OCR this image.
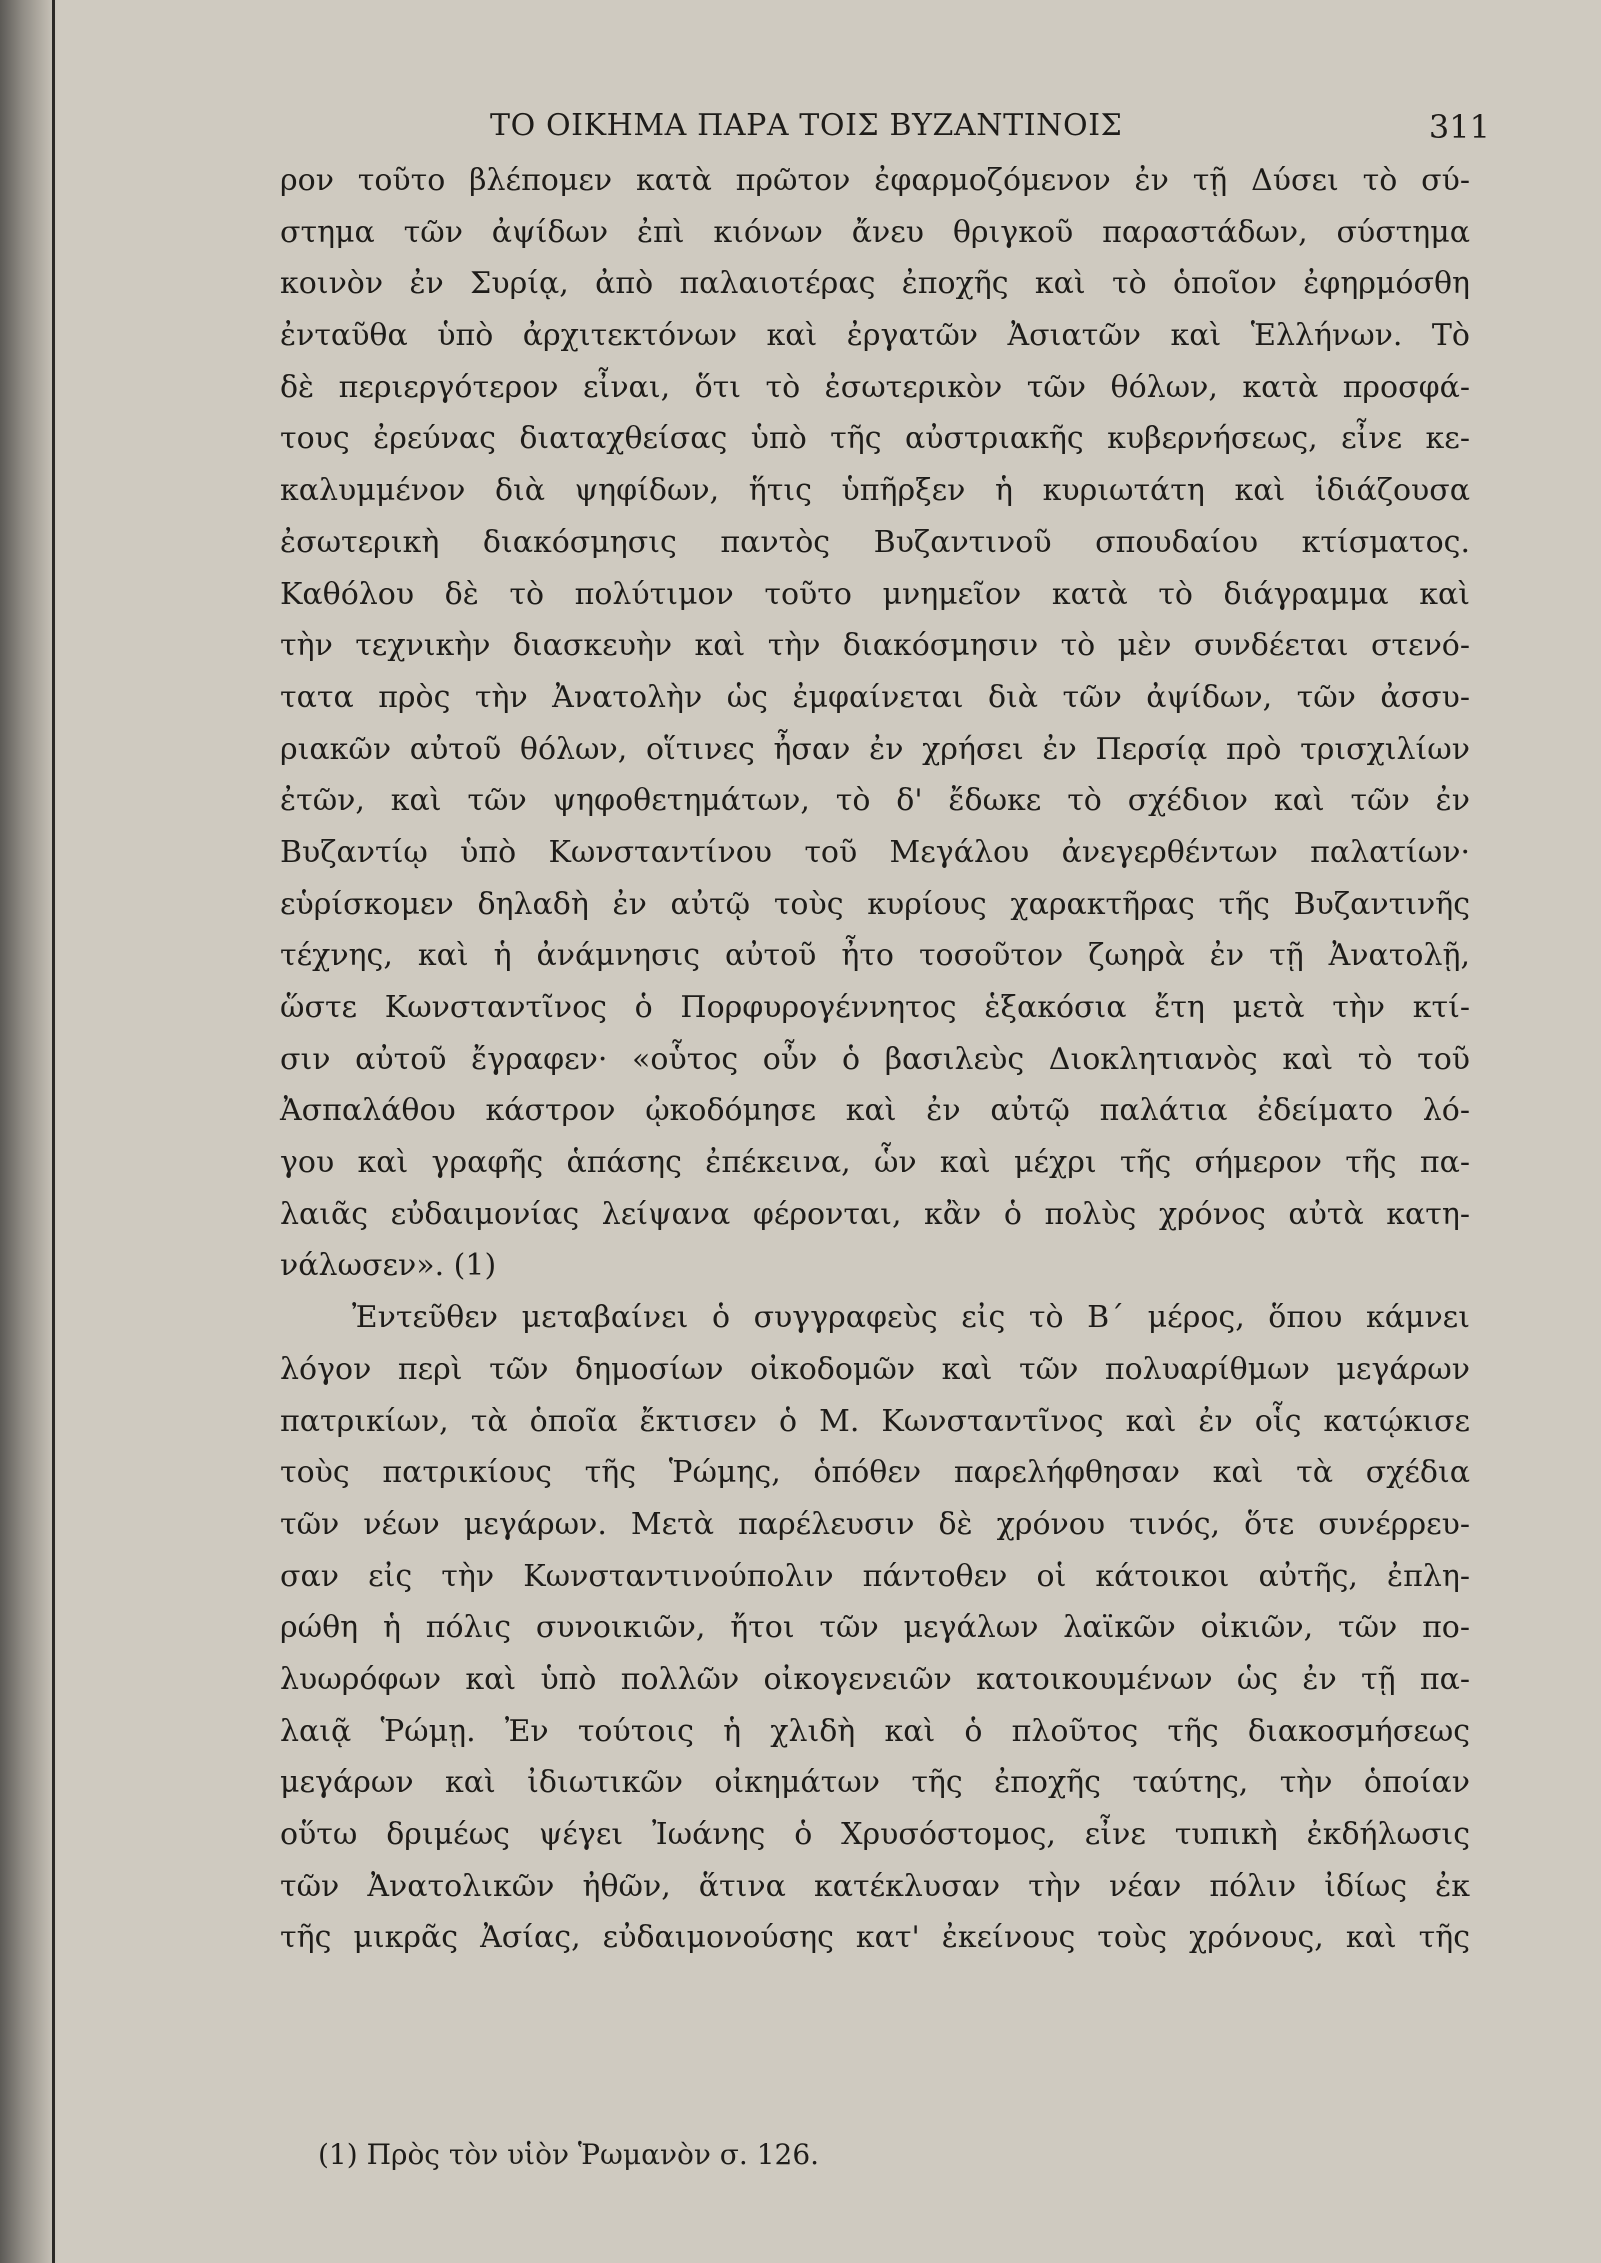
ΤΟ ΟΙΚΗΜΑ ΠΑΡΑ ΤΟΙΣ ΒΥΖΑΝΤΙΝΟΙΣ	311
ρον τοῦτο βλέπομεν κατὰ πρῶτον ἐφαρμοζόμενον ἐν τῇ Δύσει τὸ σύ-
στημα τῶν ἀψίδων ἐπὶ κιόνων ἄνευ θριγκοῦ παραστάδων, σύστημα
κοινὸν ἐν Συρίᾳ, ἀπὸ παλαιοτέρας ἐποχῆς καὶ τὸ ὁποῖον ἐφηρμόσθη
ἐνταῦθα ὑπὸ ἀρχιτεκτόνων καὶ ἐργατῶν Ἀσιατῶν καὶ Ἑλλήνων. Τὸ
δὲ περιεργότερον εἶναι, ὅτι τὸ ἐσωτερικὸν τῶν θόλων, κατὰ προσφά-
τους ἐρεύνας διαταχθείσας ὑπὸ τῆς αὐστριακῆς κυβερνήσεως, εἶνε κε-
καλυμμένον διὰ ψηφίδων, ἥτις ὑπῆρξεν ἡ κυριωτάτη καὶ ἰδιάζουσα
ἐσωτερικὴ διακόσμησις παντὸς Βυζαντινοῦ σπουδαίου κτίσματος.
Καθόλου δὲ τὸ πολύτιμον τοῦτο μνημεῖον κατὰ τὸ διάγραμμα καὶ
τὴν τεχνικὴν διασκευὴν καὶ τὴν διακόσμησιν τὸ μὲν συνδέεται στενό-
τατα πρὸς τὴν Ἀνατολὴν ὡς ἐμφαίνεται διὰ τῶν ἀψίδων, τῶν ἀσσυ-
ριακῶν αὐτοῦ θόλων, οἵτινες ἦσαν ἐν χρήσει ἐν Περσίᾳ πρὸ τρισχιλίων
ἐτῶν, καὶ τῶν ψηφοθετημάτων, τὸ δ' ἔδωκε τὸ σχέδιον καὶ τῶν ἐν
Βυζαντίῳ ὑπὸ Κωνσταντίνου τοῦ Μεγάλου ἀνεγερθέντων παλατίων·
εὑρίσκομεν δηλαδὴ ἐν αὐτῷ τοὺς κυρίους χαρακτῆρας τῆς Βυζαντινῆς
τέχνης, καὶ ἡ ἀνάμνησις αὐτοῦ ἦτο τοσοῦτον ζωηρὰ ἐν τῇ Ἀνατολῇ,
ὥστε Κωνσταντῖνος ὁ Πορφυρογέννητος ἑξακόσια ἔτη μετὰ τὴν κτί-
σιν αὐτοῦ ἔγραφεν· «οὗτος οὖν ὁ βασιλεὺς Διοκλητιανὸς καὶ τὸ τοῦ
Ἀσπαλάθου κάστρον ᾠκοδόμησε καὶ ἐν αὐτῷ παλάτια ἐδείματο λό-
γου καὶ γραφῆς ἁπάσης ἐπέκεινα, ὧν καὶ μέχρι τῆς σήμερον τῆς πα-
λαιᾶς εὐδαιμονίας λείψανα φέρονται, κἂν ὁ πολὺς χρόνος αὐτὰ κατη-
νάλωσεν». (1)
Ἐντεῦθεν μεταβαίνει ὁ συγγραφεὺς εἰς τὸ Β΄ μέρος, ὅπου κάμνει
λόγον περὶ τῶν δημοσίων οἰκοδομῶν καὶ τῶν πολυαρίθμων μεγάρων
πατρικίων, τὰ ὁποῖα ἔκτισεν ὁ Μ. Κωνσταντῖνος καὶ ἐν οἷς κατῴκισε
τοὺς πατρικίους τῆς Ῥώμης, ὁπόθεν παρελήφθησαν καὶ τὰ σχέδια
τῶν νέων μεγάρων. Μετὰ παρέλευσιν δὲ χρόνου τινός, ὅτε συνέρρευ-
σαν εἰς τὴν Κωνσταντινούπολιν πάντοθεν οἱ κάτοικοι αὐτῆς, ἐπλη-
ρώθη ἡ πόλις συνοικιῶν, ἤτοι τῶν μεγάλων λαϊκῶν οἰκιῶν, τῶν πο-
λυωρόφων καὶ ὑπὸ πολλῶν οἰκογενειῶν κατοικουμένων ὡς ἐν τῇ πα-
λαιᾷ Ῥώμῃ. Ἐν τούτοις ἡ χλιδὴ καὶ ὁ πλοῦτος τῆς διακοσμήσεως
μεγάρων καὶ ἰδιωτικῶν οἰκημάτων τῆς ἐποχῆς ταύτης, τὴν ὁποίαν
οὕτω δριμέως ψέγει Ἰωάνης ὁ Χρυσόστομος, εἶνε τυπικὴ ἐκδήλωσις
τῶν Ἀνατολικῶν ἠθῶν, ἅτινα κατέκλυσαν τὴν νέαν πόλιν ἰδίως ἐκ
τῆς μικρᾶς Ἀσίας, εὐδαιμονούσης κατ' ἐκείνους τοὺς χρόνους, καὶ τῆς
(1) Πρὸς τὸν υἱὸν Ῥωμανὸν σ. 126.
